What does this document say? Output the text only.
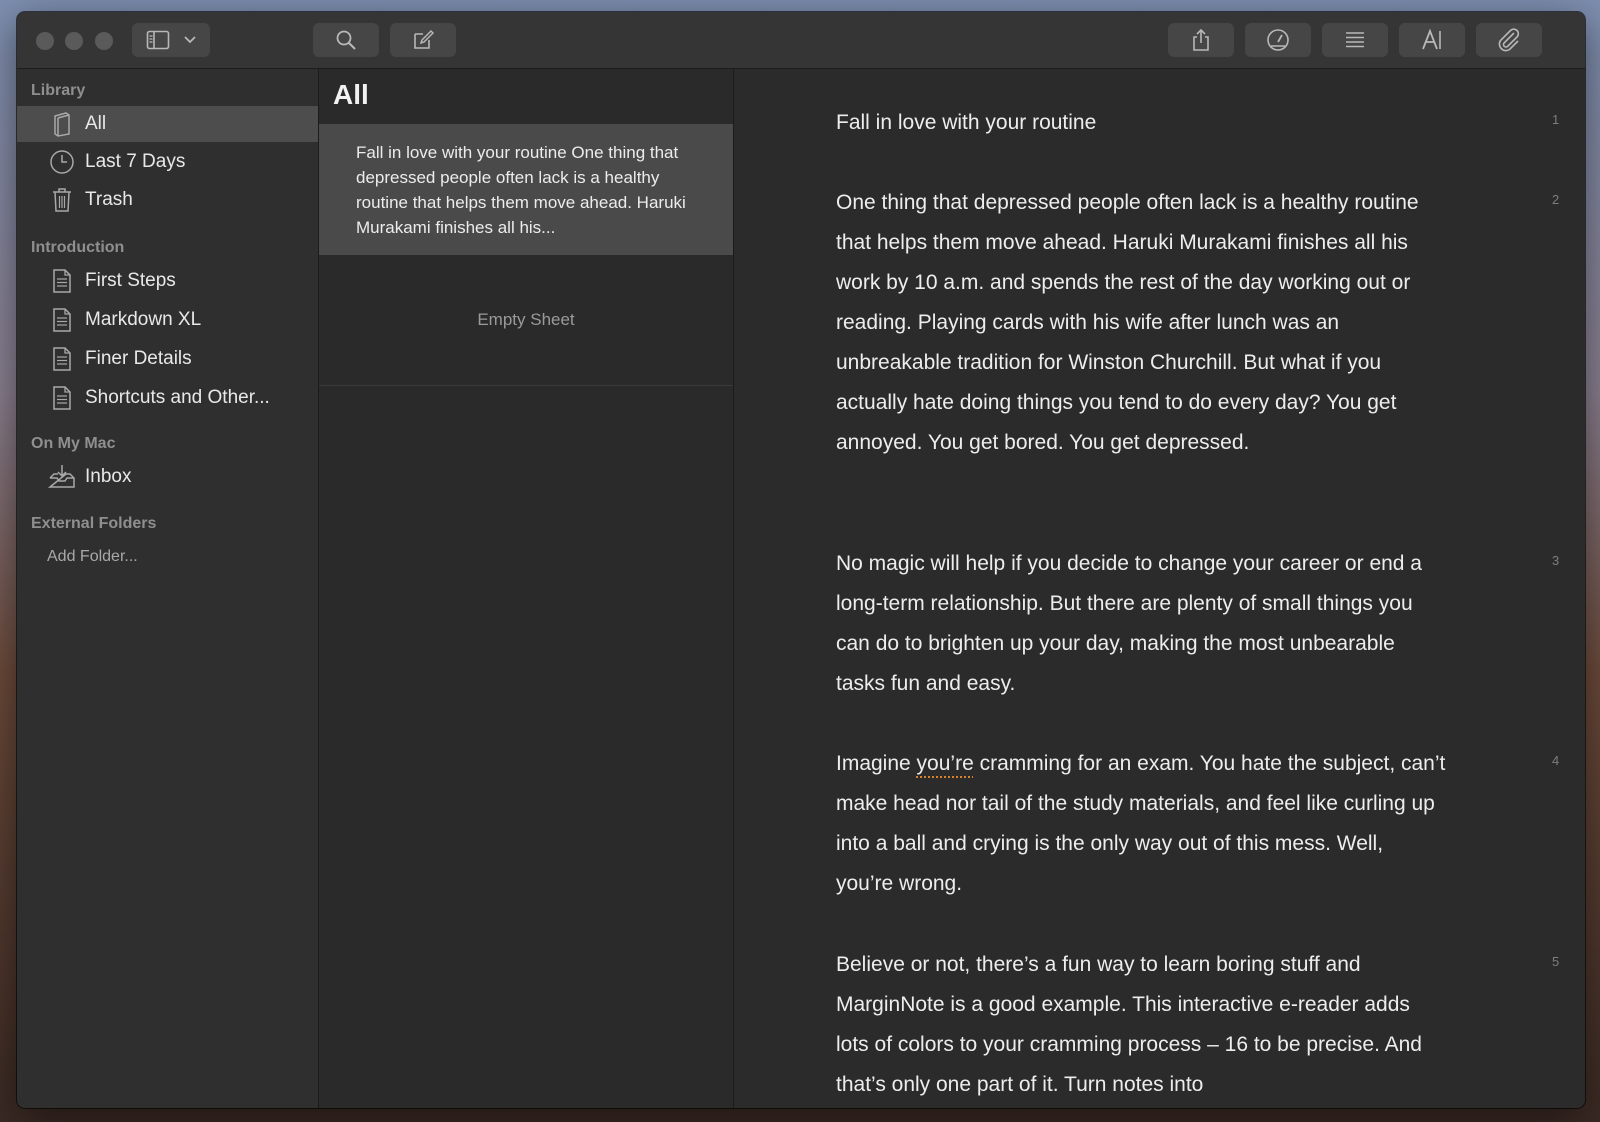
Library
All
Last 7 Days
Trash
Introduction
First Steps
Markdown XL
Finer Details
Shortcuts and Other...
On My Mac
Inbox
External Folders
Add Folder...
All
Fall in love with your routine One thing that depressed people often lack is a healthy routine that helps them move ahead. Haruki Murakami finishes all his...
Empty Sheet
Fall in love with your routine	1
One thing that depressed people often lack is a healthy routine that helps them move ahead. Haruki Murakami finishes all his work by 10 a.m. and spends the rest of the day working out or reading. Playing cards with his wife after lunch was an unbreakable tradition for Winston Churchill. But what if you actually hate doing things you tend to do every day? You get annoyed. You get bored. You get depressed.
2
No magic will help if you decide to change your career or end a long-term relationship. But there are plenty of small things you can do to brighten up your day, making the most unbearable tasks fun and easy.
3
Imagine you’re cramming for an exam. You hate the subject, can’t make head nor tail of the study materials, and feel like curling up into a ball and crying is the only way out of this mess. Well, you’re wrong.
4
Believe or not, there’s a fun way to learn boring stuff and MarginNote is a good example. This interactive e-reader adds lots of colors to your cramming process – 16 to be precise. And that’s only one part of it. Turn notes into
5
